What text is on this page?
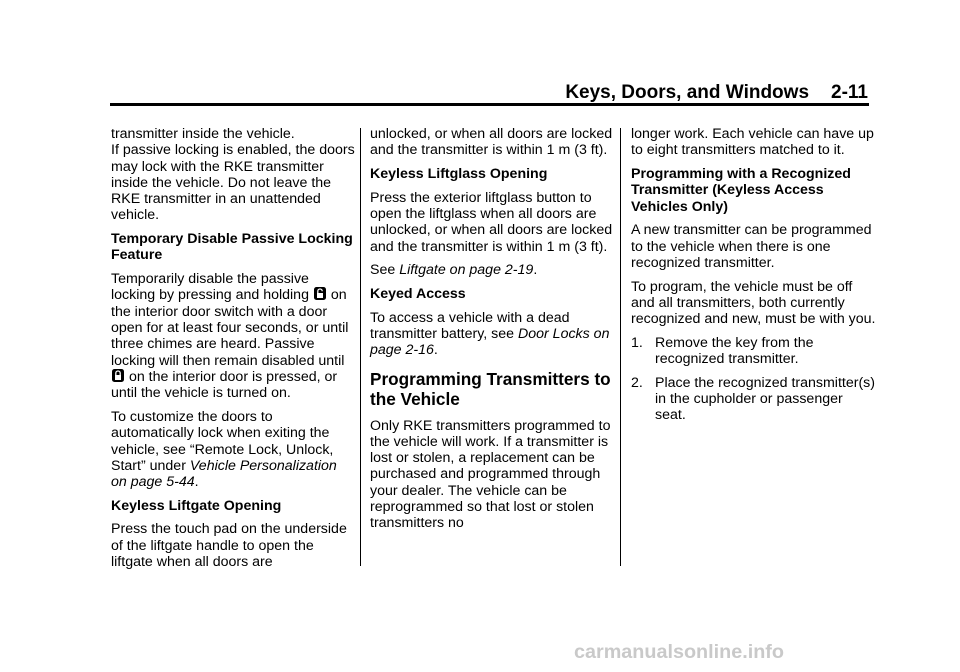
Keys, Doors, and Windows 2-11

transmitter inside the vehicle.

If passive locking is enabled, the doors may lock with the RKE transmitter inside the vehicle. Do not leave the RKE transmitter in an unattended vehicle.

Temporary Disable Passive Locking Feature

Temporarily disable the passive locking by pressing and holding on the interior door switch with a door open for at least four seconds, or until three chimes are heard. Passive locking will then remain disabled until
on the interior door is pressed, or until the vehicle is turned on.

To customize the doors to automatically lock when exiting the vehicle, see “Remote Lock, Unlock, Start” under Vehicle Personalization on page 5-44.

Keyless Liftgate Opening

Press the touch pad on the underside of the liftgate handle to open the liftgate when all doors are

unlocked, or when all doors are locked and the transmitter is within 1 m (3 ft).

Keyless Liftglass Opening

Press the exterior liftglass button to open the liftglass when all doors are unlocked, or when all doors are locked and the transmitter is within 1 m (3 ft).

See Liftgate on page 2-19.

Keyed Access

To access a vehicle with a dead transmitter battery, see Door Locks on page 2-16.

Programming Transmitters to the Vehicle

Only RKE transmitters programmed to the vehicle will work. If a transmitter is lost or stolen, a replacement can be purchased and programmed through your dealer. The vehicle can be reprogrammed so that lost or stolen transmitters no

longer work. Each vehicle can have up to eight transmitters matched to it.

Programming with a Recognized Transmitter (Keyless Access Vehicles Only)

A new transmitter can be programmed to the vehicle when there is one recognized transmitter.

To program, the vehicle must be off and all transmitters, both currently recognized and new, must be with you.

1. Remove the key from the recognized transmitter.
2. Place the recognized transmitter(s) in the cupholder or passenger seat.
carmanualsonline.info
